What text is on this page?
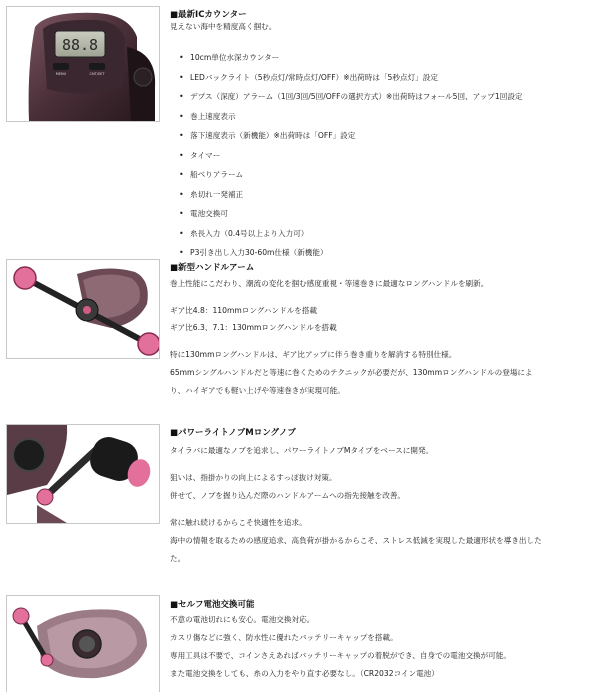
88.8
MENU	CNT/SET
■最新ICカウンター
見えない海中を精度高く掴む。
• 10cm単位水深カウンター
• LEDバックライト（5秒点灯/常時点灯/OFF）※出荷時は「5秒点灯」設定
• デプス（深度）アラーム（1回/3回/5回/OFFの選択方式）※出荷時はフォール5回、アップ1回設定
• 巻上速度表示
• 落下速度表示（新機能）※出荷時は「OFF」設定
• タイマー
• 船べりアラーム
• 糸切れ一発補正
• 電池交換可
• 糸長入力（0.4号以上より入力可）
• P3引き出し入力30-60m仕様（新機能）
■新型ハンドルアーム
巻上性能にこだわり、潮流の変化を掴む感度重視・等速巻きに最適なロングハンドルを刷新。
ギア比4.8：110mmロングハンドルを搭載
ギア比6.3、7.1：130mmロングハンドルを搭載
特に130mmロングハンドルは、ギア比アップに伴う巻き重りを解消する特別仕様。
65mmシングルハンドルだと等速に巻くためのテクニックが必要だが、130mmロングハンドルの登場によ
り、ハイギアでも軽い上げや等速巻きが実現可能。
■パワーライトノブMロングノブ
タイラバに最適なノブを追求し、パワーライトノブMタイプをベースに開発。
狙いは、指掛かりの向上によるすっぽ抜け対策。
併せて、ノブを握り込んだ際のハンドルアームへの指先接触を改善。
常に触れ続けるからこそ快適性を追求。
海中の情報を取るための感度追求、高負荷が掛かるからこそ、ストレス低減を実現した最適形状を導き出した
た。
■セルフ電池交換可能
不意の電池切れにも安心。電池交換対応。
カスリ傷などに強く、防水性に優れたバッテリーキャップを搭載。
専用工具は不要で、コインさえあればバッテリーキャップの着脱ができ、自身での電池交換が可能。
また電池交換をしても、糸の入力をやり直す必要なし。（CR2032コイン電池）
